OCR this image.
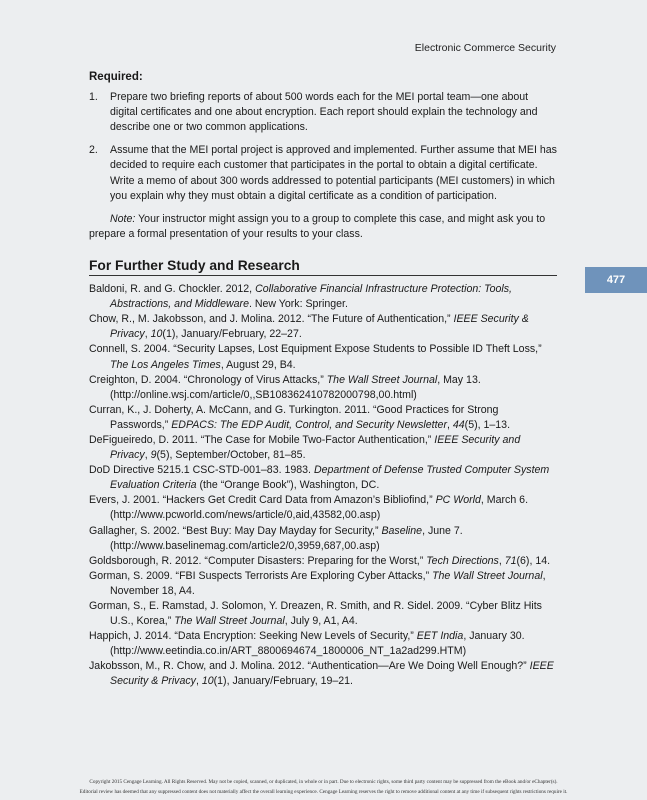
Electronic Commerce Security
477
Required:
1. Prepare two briefing reports of about 500 words each for the MEI portal team—one about digital certificates and one about encryption. Each report should explain the technology and describe one or two common applications.
2. Assume that the MEI portal project is approved and implemented. Further assume that MEI has decided to require each customer that participates in the portal to obtain a digital certificate. Write a memo of about 300 words addressed to potential participants (MEI customers) in which you explain why they must obtain a digital certificate as a condition of participation.

Note: Your instructor might assign you to a group to complete this case, and might ask you to prepare a formal presentation of your results to your class.

For Further Study and Research
Baldoni, R. and G. Chockler. 2012, Collaborative Financial Infrastructure Protection: Tools, Abstractions, and Middleware. New York: Springer.
Chow, R., M. Jakobsson, and J. Molina. 2012. “The Future of Authentication,” IEEE Security & Privacy, 10(1), January/February, 22–27.
Connell, S. 2004. “Security Lapses, Lost Equipment Expose Students to Possible ID Theft Loss,” The Los Angeles Times, August 29, B4.
Creighton, D. 2004. “Chronology of Virus Attacks,” The Wall Street Journal, May 13. (http://online.wsj.com/article/0,,SB108362410782000798,00.html)
Curran, K., J. Doherty, A. McCann, and G. Turkington. 2011. “Good Practices for Strong Passwords,” EDPACS: The EDP Audit, Control, and Security Newsletter, 44(5), 1–13.
DeFigueiredo, D. 2011. “The Case for Mobile Two-Factor Authentication,” IEEE Security and Privacy, 9(5), September/October, 81–85.
DoD Directive 5215.1 CSC-STD-001–83. 1983. Department of Defense Trusted Computer System Evaluation Criteria (the “Orange Book”), Washington, DC.
Evers, J. 2001. “Hackers Get Credit Card Data from Amazon’s Bibliofind,” PC World, March 6. (http://www.pcworld.com/news/article/0,aid,43582,00.asp)
Gallagher, S. 2002. “Best Buy: May Day Mayday for Security,” Baseline, June 7. (http://www.baselinemag.com/article2/0,3959,687,00.asp)
Goldsborough, R. 2012. “Computer Disasters: Preparing for the Worst,” Tech Directions, 71(6), 14.
Gorman, S. 2009. “FBI Suspects Terrorists Are Exploring Cyber Attacks,” The Wall Street Journal, November 18, A4.
Gorman, S., E. Ramstad, J. Solomon, Y. Dreazen, R. Smith, and R. Sidel. 2009. “Cyber Blitz Hits U.S., Korea,” The Wall Street Journal, July 9, A1, A4.
Happich, J. 2014. “Data Encryption: Seeking New Levels of Security,” EET India, January 30. (http://www.eetindia.co.in/ART_8800694674_1800006_NT_1a2ad299.HTM)
Jakobsson, M., R. Chow, and J. Molina. 2012. “Authentication—Are We Doing Well Enough?” IEEE Security & Privacy, 10(1), January/February, 19–21.
Copyright 2015 Cengage Learning. All Rights Reserved. May not be copied, scanned, or duplicated, in whole or in part. Due to electronic rights, some third party content may be suppressed from the eBook and/or eChapter(s).
Editorial review has deemed that any suppressed content does not materially affect the overall learning experience. Cengage Learning reserves the right to remove additional content at any time if subsequent rights restrictions require it.
